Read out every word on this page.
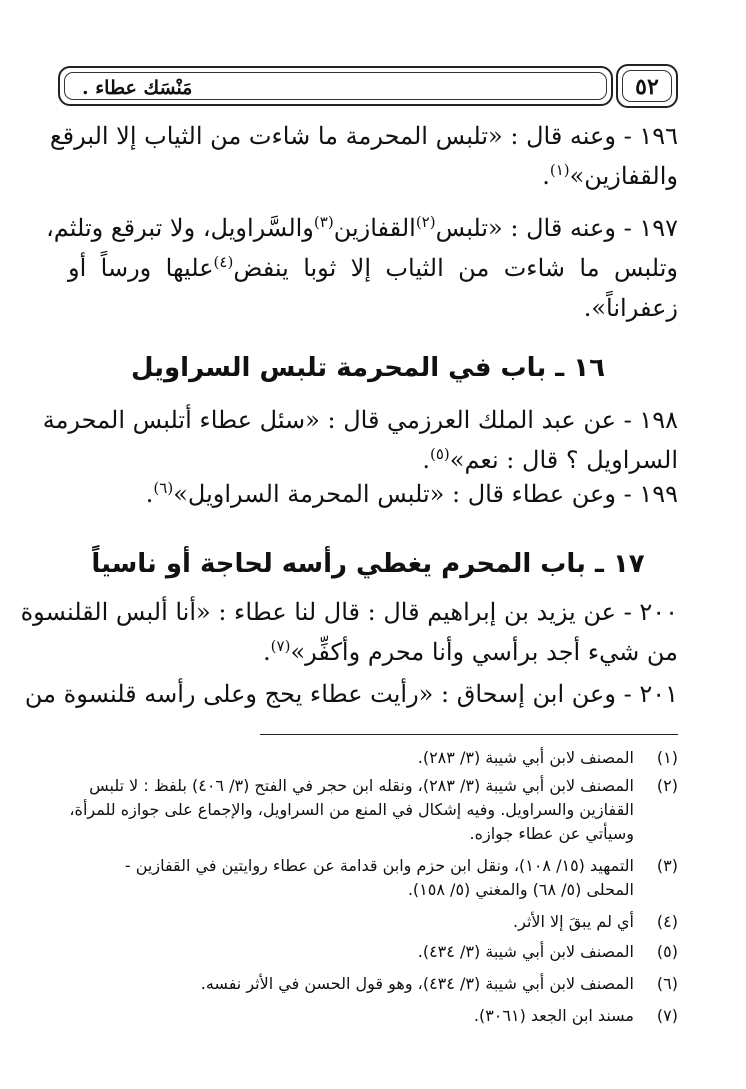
مَنْسَك عطاء .	٥٢
١٩٦ - وعنه قال : «تلبس المحرمة ما شاءت من الثياب إلا البرقع
والقفازين»$^{(١)}$.
١٩٧ - وعنه قال : «تلبس$^{(٢)}$القفازين$^{(٣)}$والسَّراويل، ولا تبرقع وتلثم،
وتلبس ما شاءت من الثياب إلا ثوبا ينفض$^{(٤)}$عليها ورساً أو
زعفراناً».
١٦ ـ باب في المحرمة تلبس السراويل
١٩٨ - عن عبد الملك العرزمي قال : «سئل عطاء أتلبس المحرمة
السراويل ؟ قال : نعم»$^{(٥)}$.
١٩٩ - وعن عطاء قال : «تلبس المحرمة السراويل»$^{(٦)}$.
١٧ ـ باب المحرم يغطي رأسه لحاجة أو ناسياً
٢٠٠ - عن يزيد بن إبراهيم قال : قال لنا عطاء : «أنا ألبس القلنسوة
من شيء أجد برأسي وأنا محرم وأكفِّر»$^{(٧)}$.
٢٠١ - وعن ابن إسحاق : «رأيت عطاء يحج وعلى رأسه قلنسوة من
(١)المصنف لابن أبي شيبة (٣/ ٢٨٣).
(٢)المصنف لابن أبي شيبة (٣/ ٢٨٣)، ونقله ابن حجر في الفتح (٣/ ٤٠٦) بلفظ : لا تلبس
القفازين والسراويل. وفيه إشكال في المنع من السراويل، والإجماع على جوازه للمرأة،
وسيأتي عن عطاء جوازه.
(٣)التمهيد (١٥/ ١٠٨)، ونقل ابن حزم وابن قدامة عن عطاء روايتين في القفازين -
المحلى (٥/ ٦٨) والمغني (٥/ ١٥٨).
(٤)أي لم يبقَ إلا الأثر.
(٥)المصنف لابن أبي شيبة (٣/ ٤٣٤).
(٦)المصنف لابن أبي شيبة (٣/ ٤٣٤)، وهو قول الحسن في الأثر نفسه.
(٧)مسند ابن الجعد (٣٠٦١).
